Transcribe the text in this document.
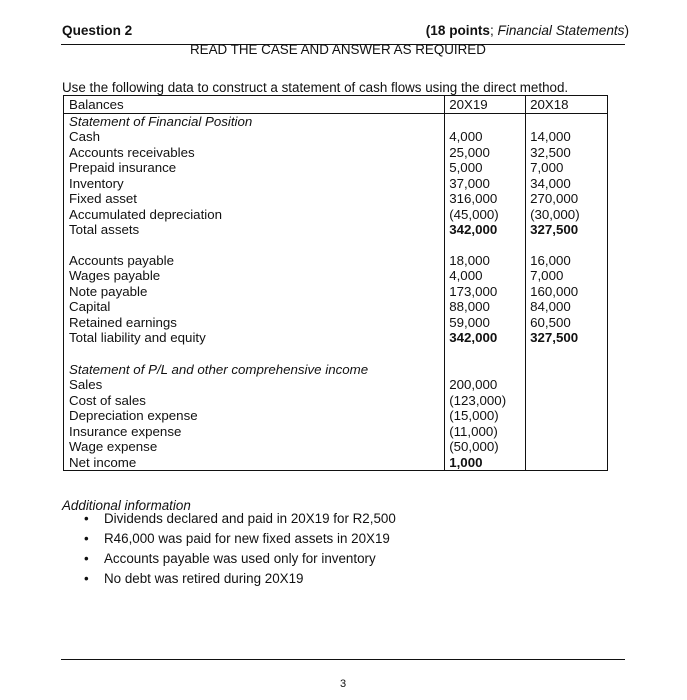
Question 2	(18 points; Financial Statements)
READ THE CASE AND ANSWER AS REQUIRED
Use the following data to construct a statement of cash flows using the direct method.
Balances	20X19	20X18
Statement of Financial Position		
Cash	4,000	14,000
Accounts receivables	25,000	32,500
Prepaid insurance	5,000	7,000
Inventory	37,000	34,000
Fixed asset	316,000	270,000
Accumulated depreciation	(45,000)	(30,000)
Total assets	342,000	327,500

Accounts payable	18,000	16,000
Wages payable	4,000	7,000
Note payable	173,000	160,000
Capital	88,000	84,000
Retained earnings	59,000	60,500
Total liability and equity	342,000	327,500

Statement of P/L and other comprehensive income		
Sales	200,000	
Cost of sales	(123,000)	
Depreciation expense	(15,000)	
Insurance expense	(11,000)	
Wage expense	(50,000)	
Net income	1,000	
Additional information
• Dividends declared and paid in 20X19 for R2,500
• R46,000 was paid for new fixed assets in 20X19
• Accounts payable was used only for inventory
• No debt was retired during 20X19
3
